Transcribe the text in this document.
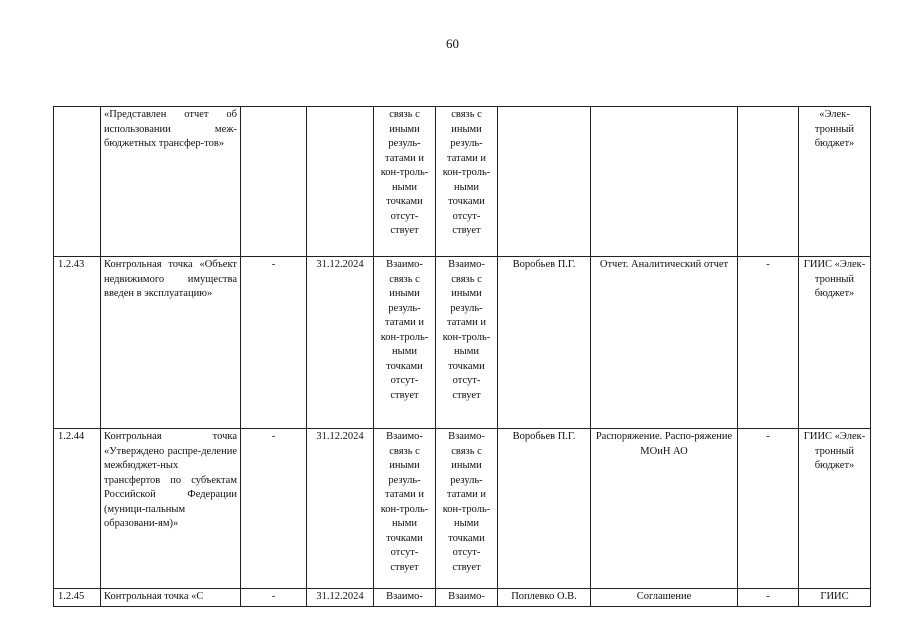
60
	«Представлен отчет об использовании меж-бюджетных трансфер-тов»			связь с иными резуль-татами и кон-троль-ными точками отсут-ствует	связь с иными резуль-татами и кон-троль-ными точками отсут-ствует				«Элек-тронный бюджет»
1.2.43	Контрольная точка «Объект недвижимого имущества введен в эксплуатацию»	-	31.12.2024	Взаимо-связь с иными резуль-татами и кон-троль-ными точками отсут-ствует	Взаимо-связь с иными резуль-татами и кон-троль-ными точками отсут-ствует	Воробьев П.Г.	Отчет. Аналитический отчет	-	ГИИС «Элек-тронный бюджет»
1.2.44	Контрольная точка «Утверждено распре-деление межбюджет-ных трансфертов по субъектам Российской Федерации (муници-пальным образовани-ям)»	-	31.12.2024	Взаимо-связь с иными резуль-татами и кон-троль-ными точками отсут-ствует	Взаимо-связь с иными резуль-татами и кон-троль-ными точками отсут-ствует	Воробьев П.Г.	Распоряжение. Распо-ряжение МОиН АО	-	ГИИС «Элек-тронный бюджет»
1.2.45	Контрольная точка «С	-	31.12.2024	Взаимо-	Взаимо-	Поплевко О.В.	Соглашение	-	ГИИС
